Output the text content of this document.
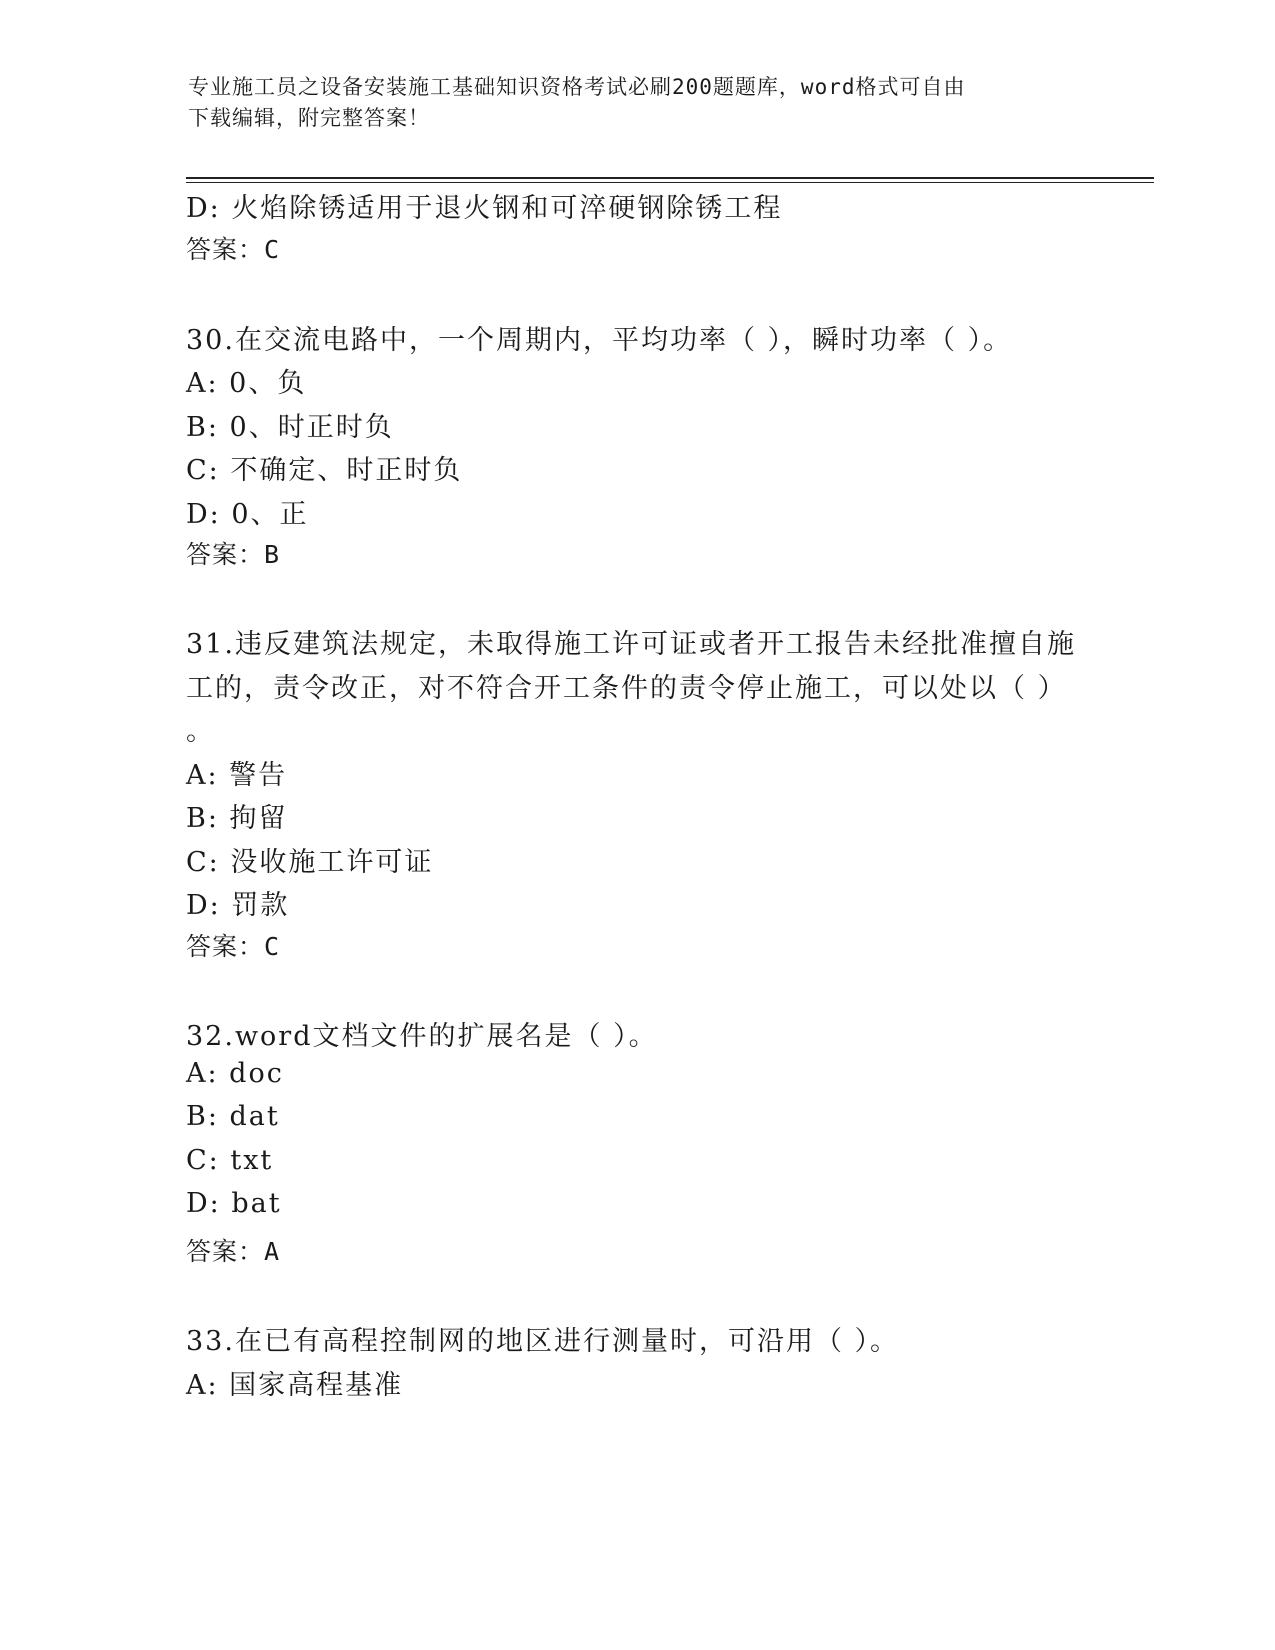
专业施工员之设备安装施工基础知识资格考试必刷200题题库，word格式可自由
下载编辑，附完整答案！
D: 火焰除锈适用于退火钢和可淬硬钢除锈工程
答案：C
30.在交流电路中，一个周期内，平均功率（ ），瞬时功率（ ）。
A: 0、负
B: 0、时正时负
C: 不确定、时正时负
D: 0、正
答案：B
31.违反建筑法规定，未取得施工许可证或者开工报告未经批准擅自施
工的，责令改正，对不符合开工条件的责令停止施工，可以处以（ ）
。
A: 警告
B: 拘留
C: 没收施工许可证
D: 罚款
答案：C
32.word文档文件的扩展名是（ ）。
A: doc
B: dat
C: txt
D: bat
答案：A
33.在已有高程控制网的地区进行测量时，可沿用（ ）。
A: 国家高程基准
